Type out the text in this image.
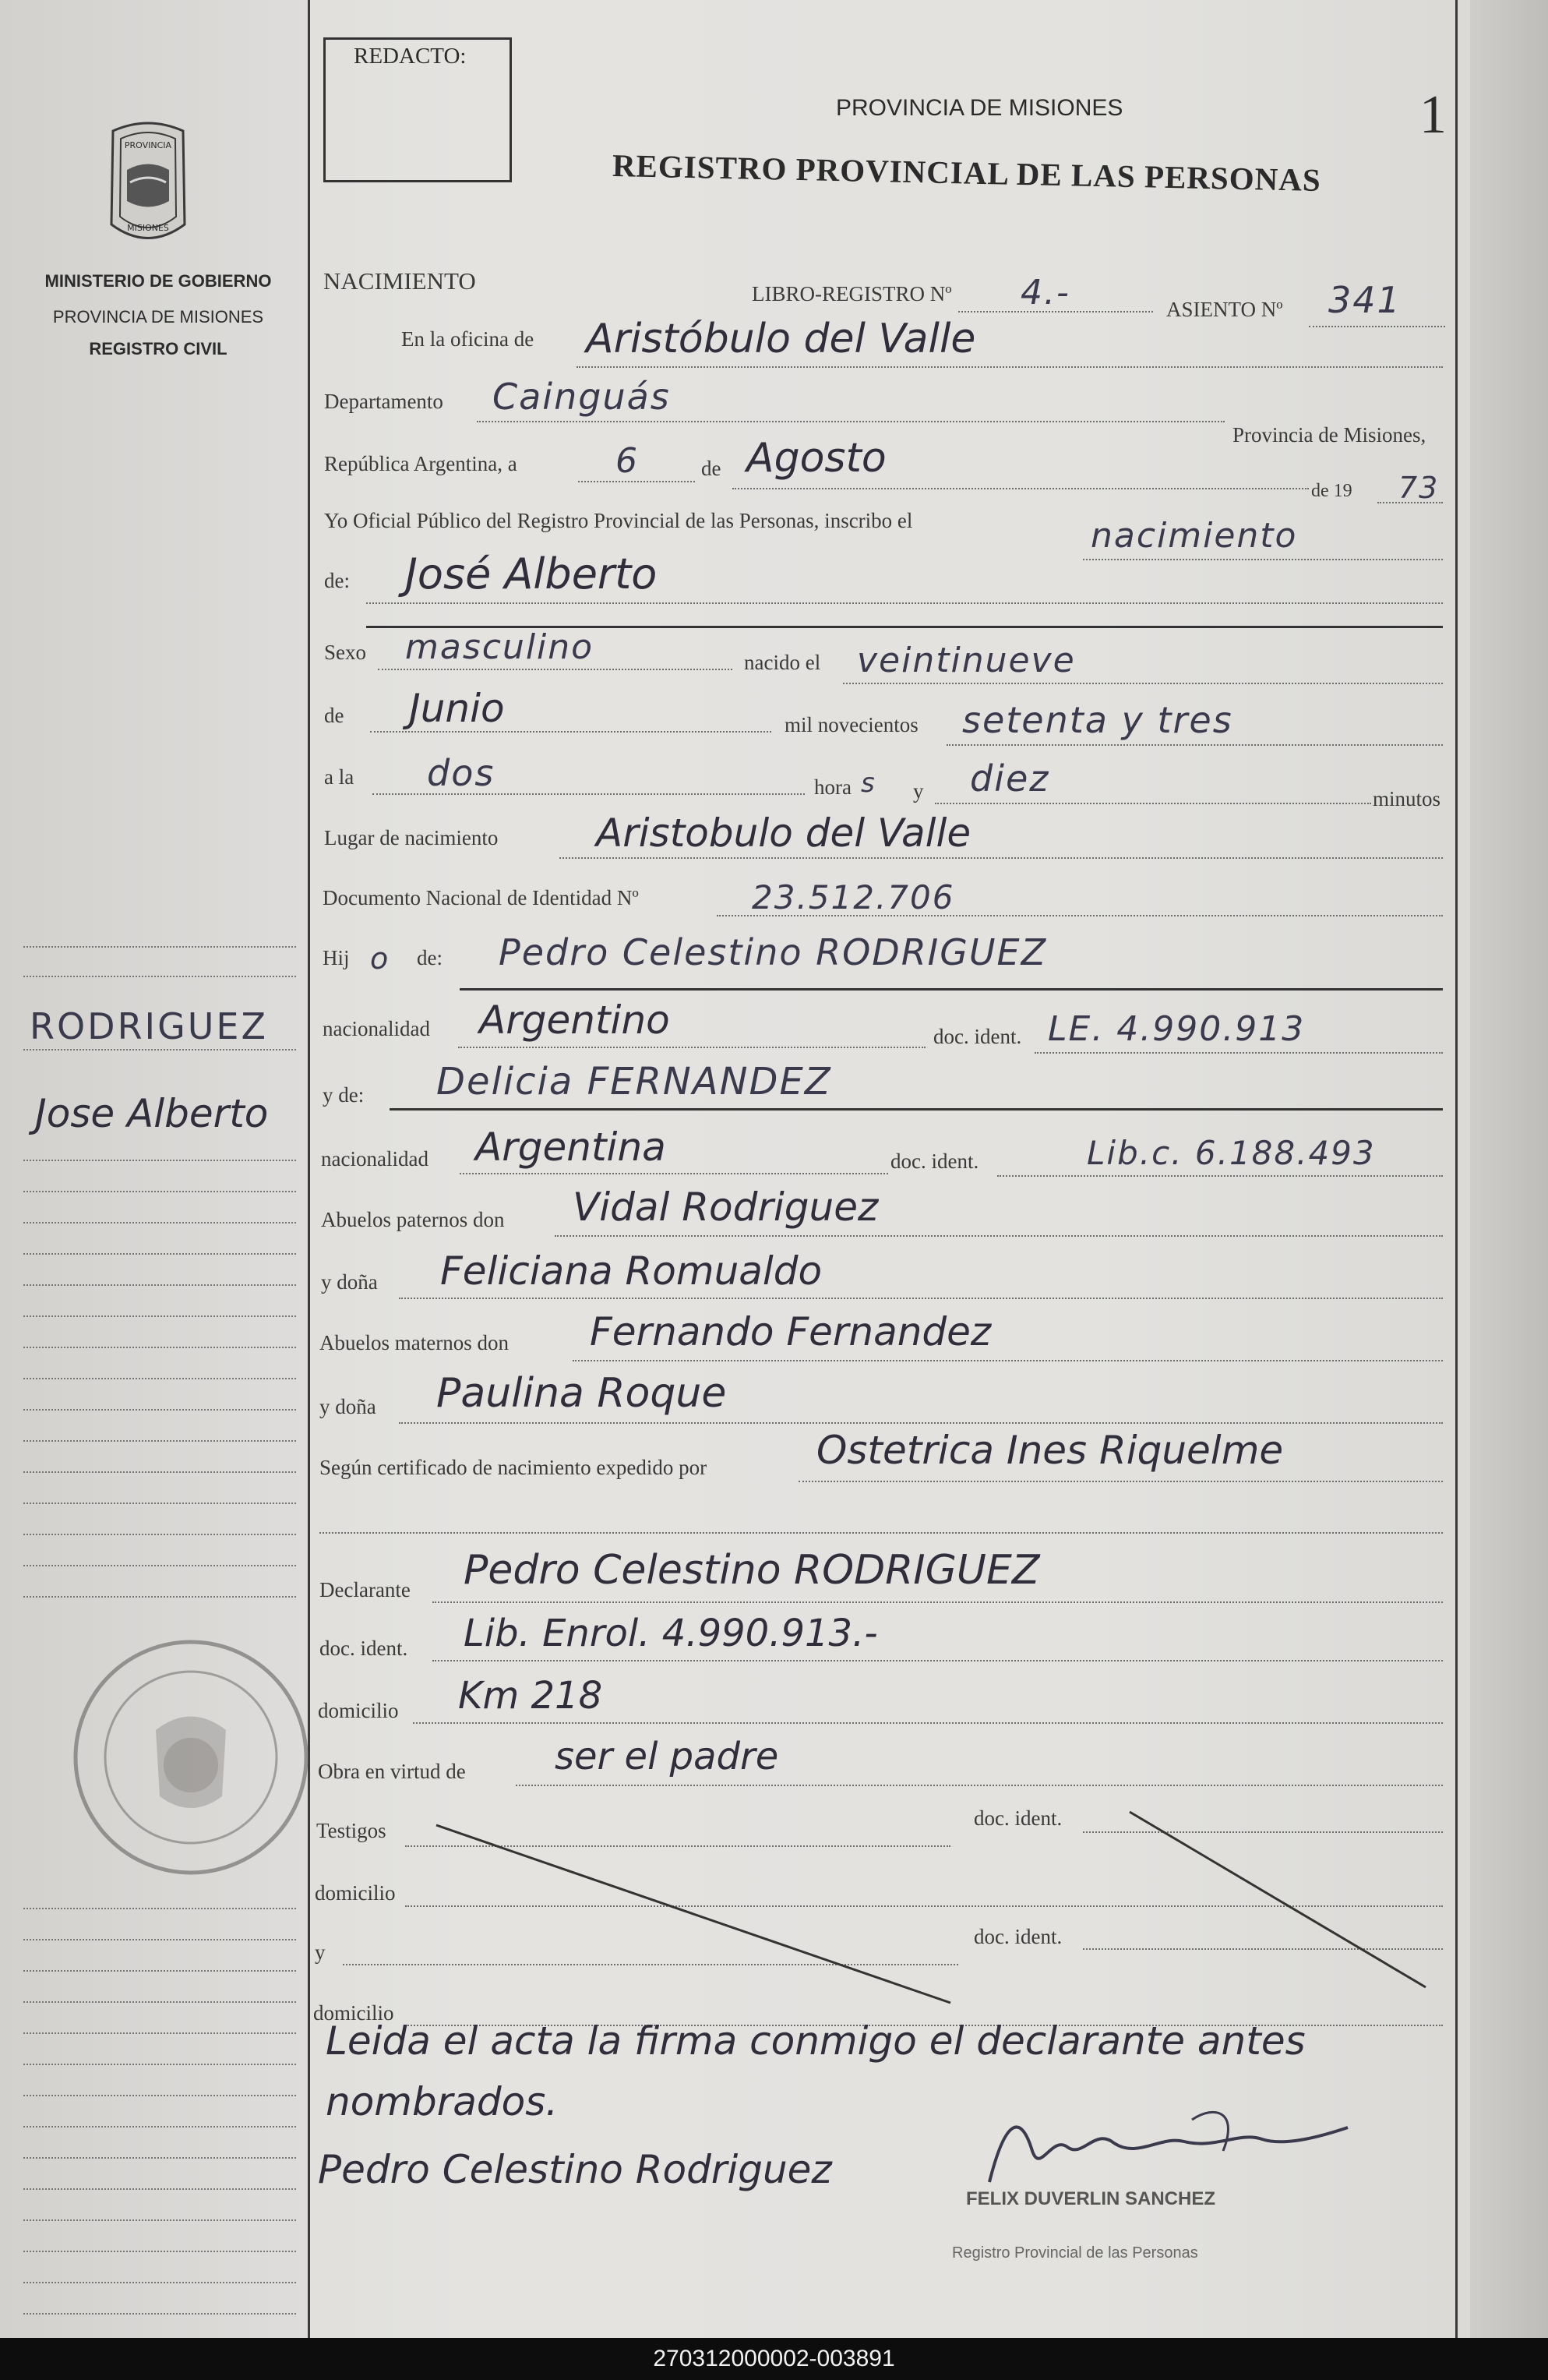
PROVINCIA
MISIONES
MINISTERIO DE GOBIERNO
PROVINCIA DE MISIONES
REGISTRO CIVIL
RODRIGUEZ
Jose Alberto
REDACTO:
PROVINCIA DE MISIONES
REGISTRO PROVINCIAL DE LAS PERSONAS
1
NACIMIENTO	LIBRO-REGISTRO Nº 4.-	ASIENTO Nº 341
En la oficina de Aristóbulo del Valle
Departamento Cainguás
Provincia de Misiones,
República Argentina, a	6	de Agosto
de 19 73
Yo Oficial Público del Registro Provincial de las Personas, inscribo el	nacimiento
de: José Alberto
Sexo masculino	nacido el veintinueve
de Junio	mil novecientos setenta y tres
a la dos	hora s y diez	minutos
Lugar de nacimiento	Aristobulo del Valle
Documento Nacional de Identidad Nº	23.512.706
Hij o de: Pedro Celestino RODRIGUEZ
nacionalidad Argentino	doc. ident. LE. 4.990.913
y de: Delicia FERNANDEZ
nacionalidad Argentina	doc. ident.	Lib.c. 6.188.493
Abuelos paternos don Vidal Rodriguez
y doña Feliciana Romualdo
Abuelos maternos don Fernando Fernandez
y doña Paulina Roque
Según certificado de nacimiento expedido por	Ostetrica Ines Riquelme
Declarante Pedro Celestino RODRIGUEZ
doc. ident. Lib. Enrol. 4.990.913.-
domicilio Km 218
Obra en virtud de ser el padre
Testigos
doc. ident.
domicilio
y
doc. ident.
domicilio
Leida el acta la firma conmigo el declarante antes
nombrados.
Pedro Celestino Rodriguez
FELIX DUVERLIN SANCHEZ
Registro Provincial de las Personas
270312000002-003891
